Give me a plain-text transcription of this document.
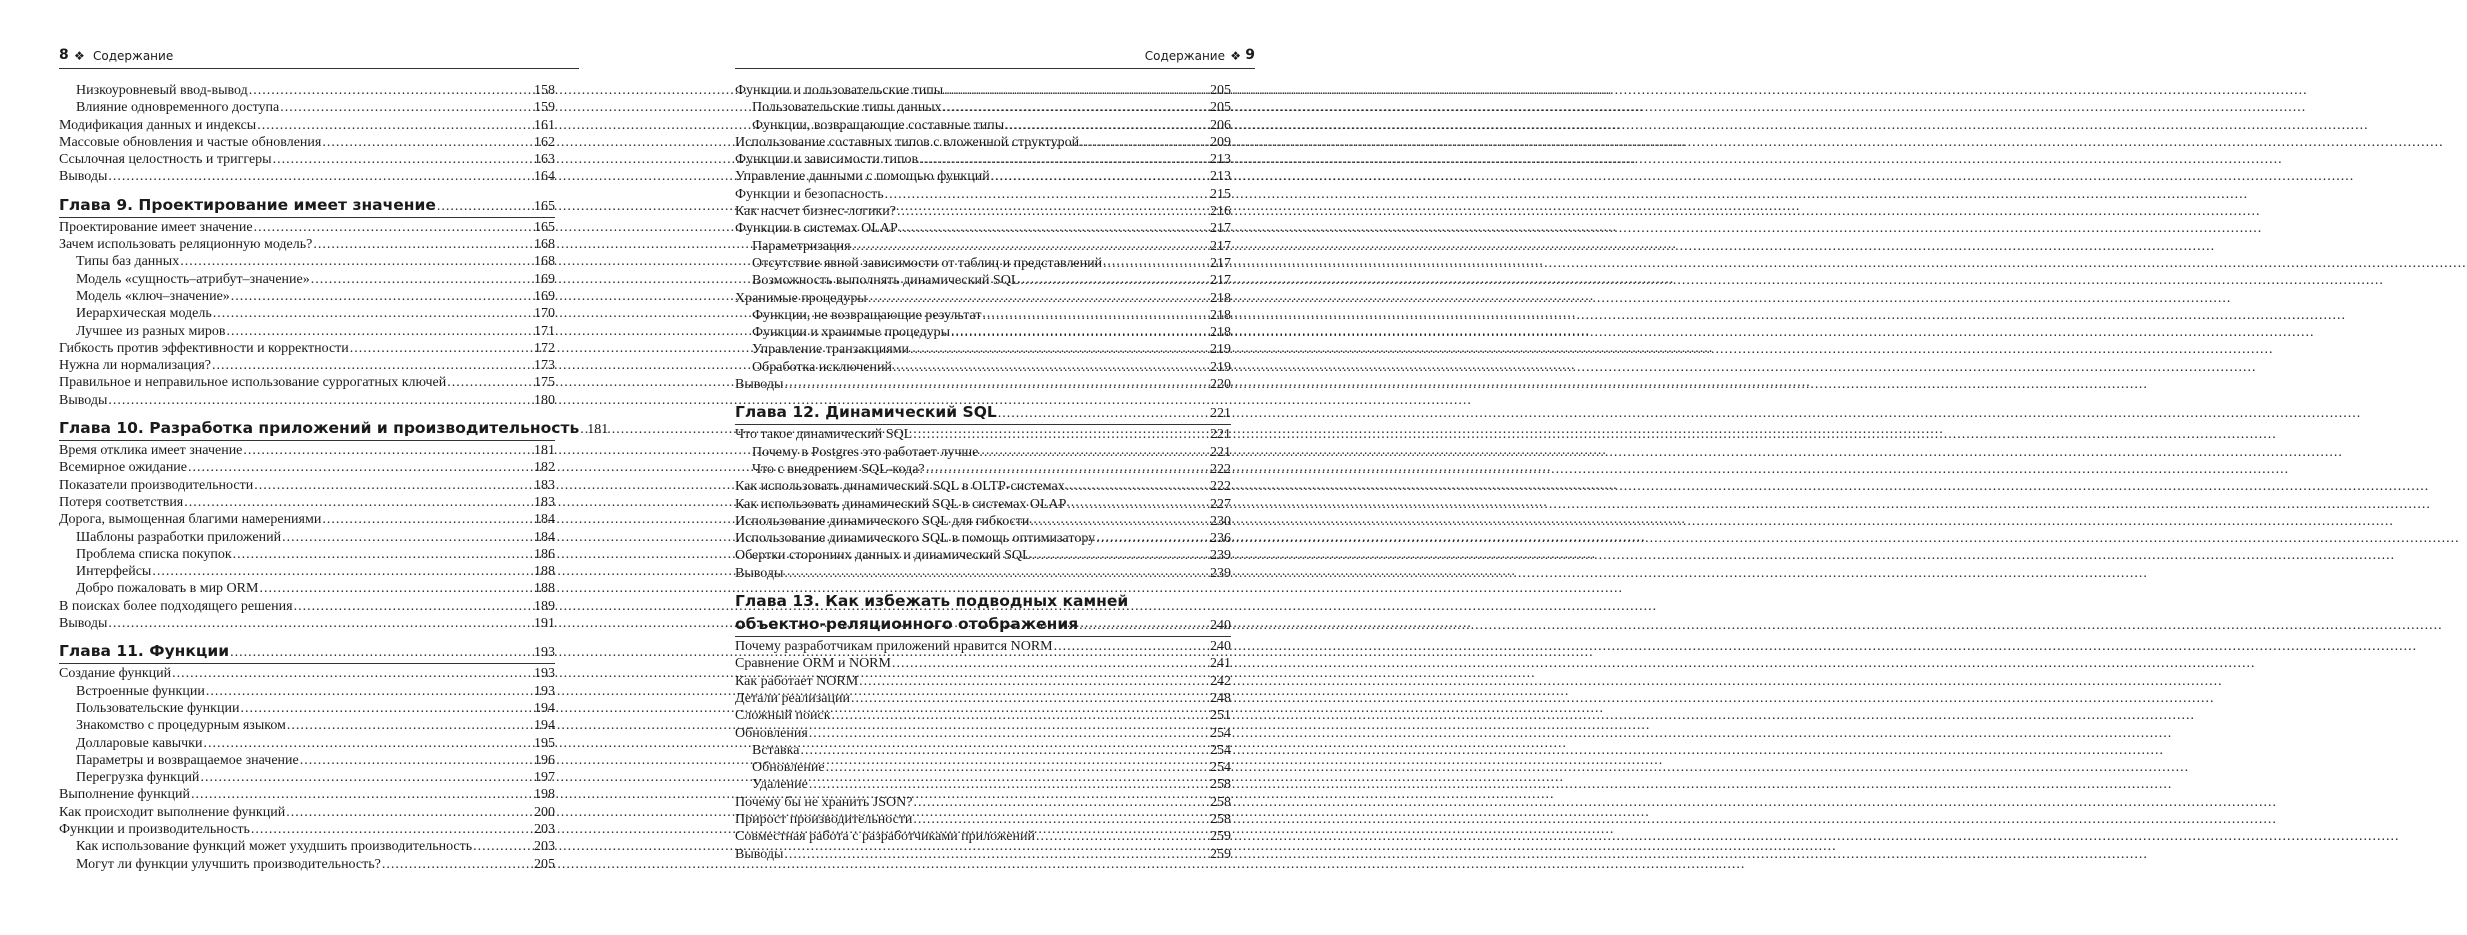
8 ❖ Содержание
Низкоуровневый ввод-вывод .....	158
Влияние одновременного доступа .....	159
Модификация данных и индексы .....	161
Массовые обновления и частые обновления .....	162
Ссылочная целостность и триггеры .....	163
Выводы .....	164
Глава 9. Проектирование имеет значение .....	165
Проектирование имеет значение .....	165
Зачем использовать реляционную модель? .....	168
Типы баз данных .....	168
Модель «сущность–атрибут–значение» .....	169
Модель «ключ–значение» .....	169
Иерархическая модель .....	170
Лучшее из разных миров .....	171
Гибкость против эффективности и корректности .....	172
Нужна ли нормализация? .....	173
Правильное и неправильное использование суррогатных ключей .....	175
Выводы .....	180
Глава 10. Разработка приложений и производительность ..... 181
Время отклика имеет значение .....	181
Всемирное ожидание .....	182
Показатели производительности .....	183
Потеря соответствия .....	183
Дорога, вымощенная благими намерениями .....	184
Шаблоны разработки приложений .....	184
Проблема списка покупок .....	186
Интерфейсы .....	188
Добро пожаловать в мир ORM .....	188
В поисках более подходящего решения .....	189
Выводы .....	191
Глава 11. Функции .....	193
Создание функций .....	193
Встроенные функции .....	193
Пользовательские функции .....	194
Знакомство с процедурным языком .....	194
Долларовые кавычки .....	195
Параметры и возвращаемое значение .....	196
Перегрузка функций .....	197
Выполнение функций .....	198
Как происходит выполнение функций .....	200
Функции и производительность .....	203
Как использование функций может ухудшить производительность .....	203
Могут ли функции улучшить производительность? .....	205
Содержание ❖ 9
Функции и пользовательские типы .....	205
Пользовательские типы данных .....	205
Функции, возвращающие составные типы .....	206
Использование составных типов с вложенной структурой .....	209
Функции и зависимости типов .....	213
Управление данными с помощью функций .....	213
Функции и безопасность .....	215
Как насчет бизнес-логики? .....	216
Функции в системах OLAP .....	217
Параметризация .....	217
Отсутствие явной зависимости от таблиц и представлений .....	217
Возможность выполнять динамический SQL .....	217
Хранимые процедуры .....	218
Функции, не возвращающие результат .....	218
Функции и хранимые процедуры .....	218
Управление транзакциями .....	219
Обработка исключений .....	219
Выводы .....	220
Глава 12. Динамический SQL .....	221
Что такое динамический SQL .....	221
Почему в Postgres это работает лучше .....	221
Что с внедрением SQL-кода? .....	222
Как использовать динамический SQL в OLTP-системах .....	222
Как использовать динамический SQL в системах OLAP .....	227
Использование динамического SQL для гибкости .....	230
Использование динамического SQL в помощь оптимизатору .....	236
Обертки сторонних данных и динамический SQL .....	239
Выводы .....	239
Глава 13. Как избежать подводных камней
объектно-реляционного отображения .....	240
Почему разработчикам приложений нравится NORM .....	240
Сравнение ORM и NORM .....	241
Как работает NORM .....	242
Детали реализации .....	248
Сложный поиск .....	251
Обновления .....	254
Вставка .....	254
Обновление .....	254
Удаление .....	258
Почему бы не хранить JSON? .....	258
Прирост производительности .....	258
Совместная работа с разработчиками приложений .....	259
Выводы .....	259
